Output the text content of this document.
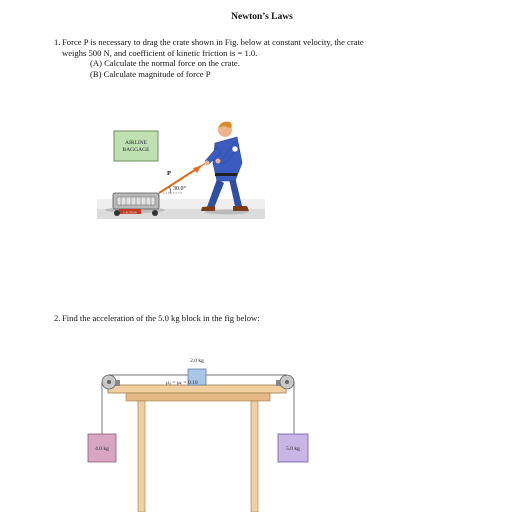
Newton’s Laws
1. Force P is necessary to drag the crate shown in Fig. below at constant velocity, the crate
weighs 500 N, and coefficient of kinetic friction is = 1.0.
(A) Calculate the normal force on the crate.
(B) Calculate magnitude of force P
AIRLINE
BAGGAGE
CAUTION
P
30.0°
2. Find the acceleration of the 5.0 kg block in the fig below:
2.0 kg
4.0 kg	5.0 kg
μₛ = μₖ = 0.10
